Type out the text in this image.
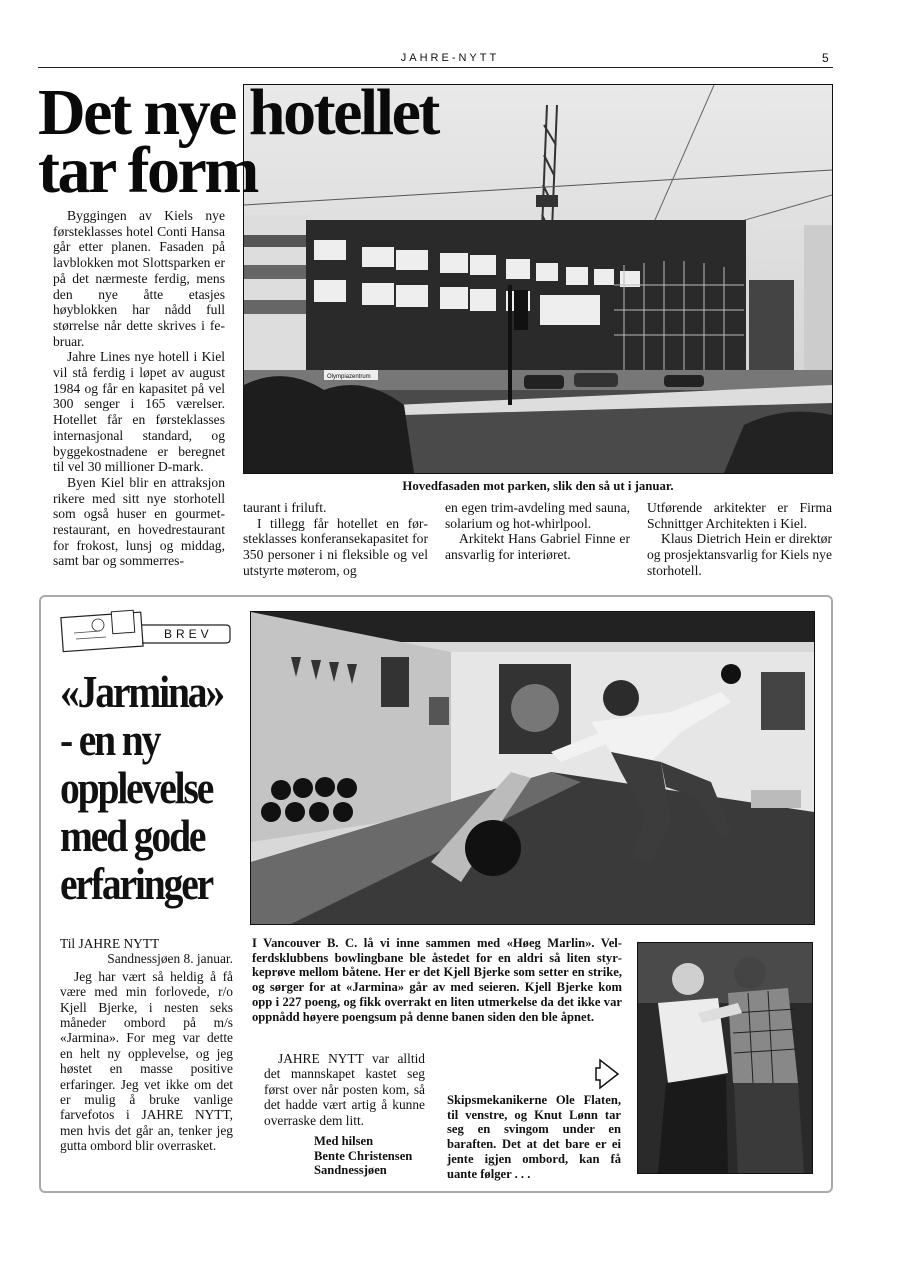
JAHRE-NYTT	5
Olympiazentrum
Det nye hotellet
tar form

Byggingen av Kiels nye førsteklasses hotel Conti Hansa går etter planen. Fasaden på lavblokken mot Slottsparken er på det nærmeste ferdig, mens den nye åtte etasjes høyblokken har nådd full størrelse når dette skrives i februar.

Jahre Lines nye hotell i Kiel vil stå ferdig i løpet av august 1984 og får en kapasitet på vel 300 senger i 165 værelser. Hotellet får en førsteklasses internasjonal standard, og byggekostnadene er beregnet til vel 30 millioner D-mark.

Byen Kiel blir en attraksjon rikere med sitt nye storhotell som også huser en gourmetrestaurant, en hovedrestaurant for frokost, lunsj og middag, samt bar og sommerres-

Hovedfasaden mot parken, slik den så ut i januar.

taurant i friluft.

I tillegg får hotellet en førsteklasses konferansekapasitet for 350 personer i ni fleksible og vel utstyrte møterom, og

en egen trim-avdeling med sauna, solarium og hot-whirlpool.

Arkitekt Hans Gabriel Finne er ansvarlig for interiøret.

Utførende arkitekter er Firma Schnittger Architekten i Kiel.

Klaus Dietrich Hein er direktør og prosjektansvarlig for Kiels nye storhotell.

BREV
«Jarmina»
- en ny
opplevelse
med gode
erfaringer

Til JAHRE NYTT

Sandnessjøen 8. januar.

Jeg har vært så heldig å få være med min forlovede, r/o Kjell Bjerke, i nesten seks måneder ombord på m/s «Jarmina». For meg var dette en helt ny opplevelse, og jeg høstet en masse positive erfaringer. Jeg vet ikke om det er mulig å bruke vanlige farvefotos i JAHRE NYTT, men hvis det går an, tenker jeg gutta ombord blir overrasket.

I Vancouver B. C. lå vi inne sammen med «Høeg Marlin». Velferdsklubbens bowlingbane ble åstedet for en aldri så liten styrkeprøve mellom båtene. Her er det Kjell Bjerke som setter en strike, og sørger for at «Jarmina» går av med seieren. Kjell Bjerke kom opp i 227 poeng, og fikk overrakt en liten utmerkelse da det ikke var oppnådd høyere poengsum på denne banen siden den ble åpnet.

JAHRE NYTT var alltid det mannskapet kastet seg først over når posten kom, så det hadde vært artig å kunne overraske dem litt.

Med hilsen
Bente Christensen
Sandnessjøen
Skipsmekanikerne Ole Flaten, til venstre, og Knut Lønn tar seg en svingom under en baraften. Det at det bare er ei jente igjen ombord, kan få uante følger . . .
